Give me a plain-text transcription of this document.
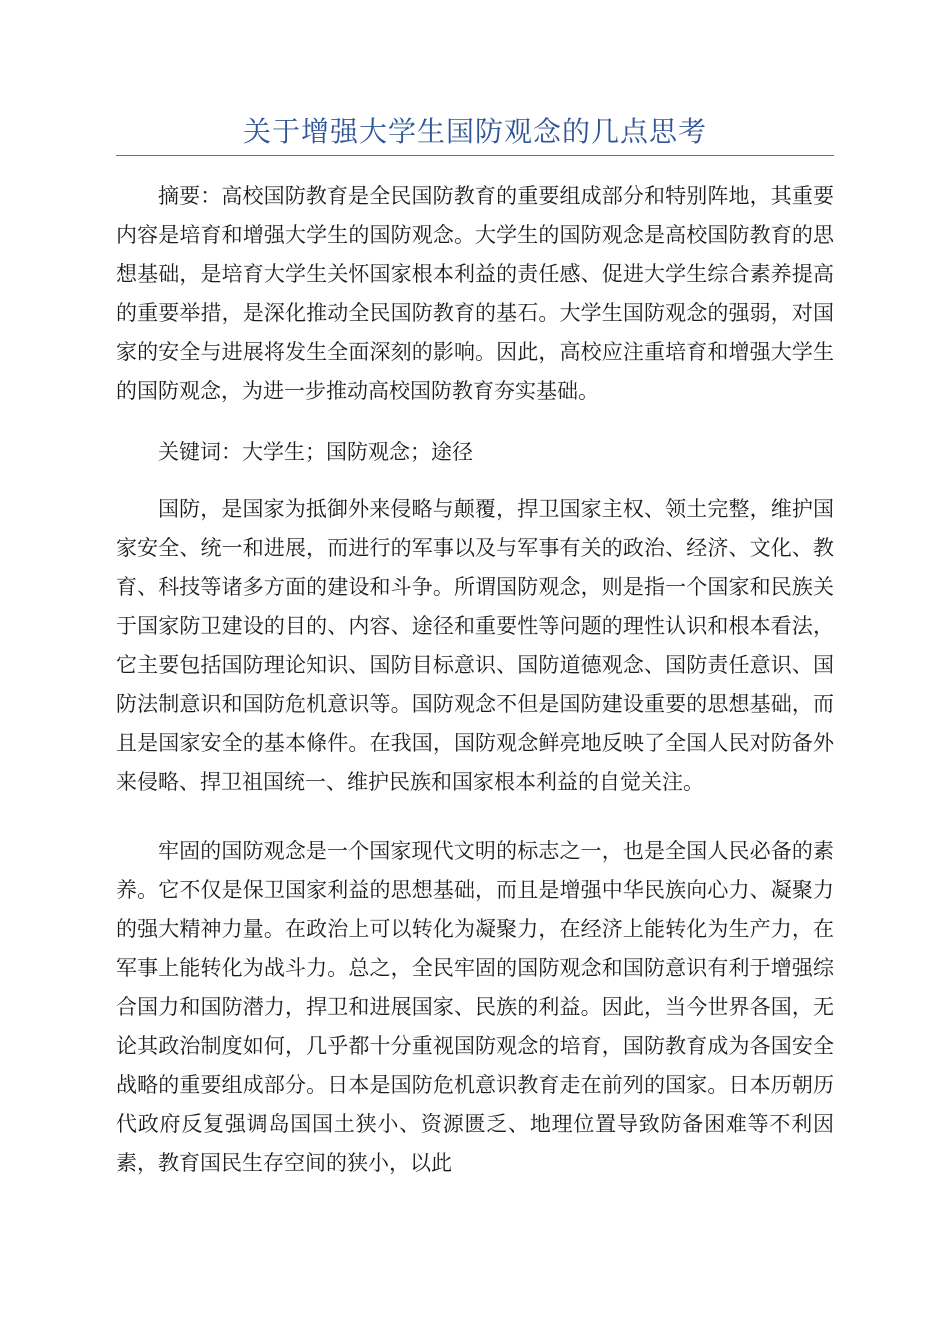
关于增强大学生国防观念的几点思考

摘要：高校国防教育是全民国防教育的重要组成部分和特别阵地，其重要内容是培育和增强大学生的国防观念。大学生的国防观念是高校国防教育的思想基础，是培育大学生关怀国家根本利益的责任感、促进大学生综合素养提高的重要举措，是深化推动全民国防教育的基石。大学生国防观念的强弱，对国家的安全与进展将发生全面深刻的影响。因此，高校应注重培育和增强大学生的国防观念，为进一步推动高校国防教育夯实基础。

关键词：大学生；国防观念；途径

国防，是国家为抵御外来侵略与颠覆，捍卫国家主权、领土完整，维护国家安全、统一和进展，而进行的军事以及与军事有关的政治、经济、文化、教育、科技等诸多方面的建设和斗争。所谓国防观念，则是指一个国家和民族关于国家防卫建设的目的、内容、途径和重要性等问题的理性认识和根本看法，它主要包括国防理论知识、国防目标意识、国防道德观念、国防责任意识、国防法制意识和国防危机意识等。国防观念不但是国防建设重要的思想基础，而且是国家安全的基本條件。在我国，国防观念鲜亮地反映了全国人民对防备外来侵略、捍卫祖国统一、维护民族和国家根本利益的自觉关注。

牢固的国防观念是一个国家现代文明的标志之一，也是全国人民必备的素养。它不仅是保卫国家利益的思想基础，而且是增强中华民族向心力、凝聚力的强大精神力量。在政治上可以转化为凝聚力，在经济上能转化为生产力，在军事上能转化为战斗力。总之，全民牢固的国防观念和国防意识有利于增强综合国力和国防潜力，捍卫和进展国家、民族的利益。因此，当今世界各国，无论其政治制度如何，几乎都十分重视国防观念的培育，国防教育成为各国安全战略的重要组成部分。日本是国防危机意识教育走在前列的国家。日本历朝历代政府反复强调岛国国土狭小、资源匮乏、地理位置导致防备困难等不利因素，教育国民生存空间的狭小，以此
